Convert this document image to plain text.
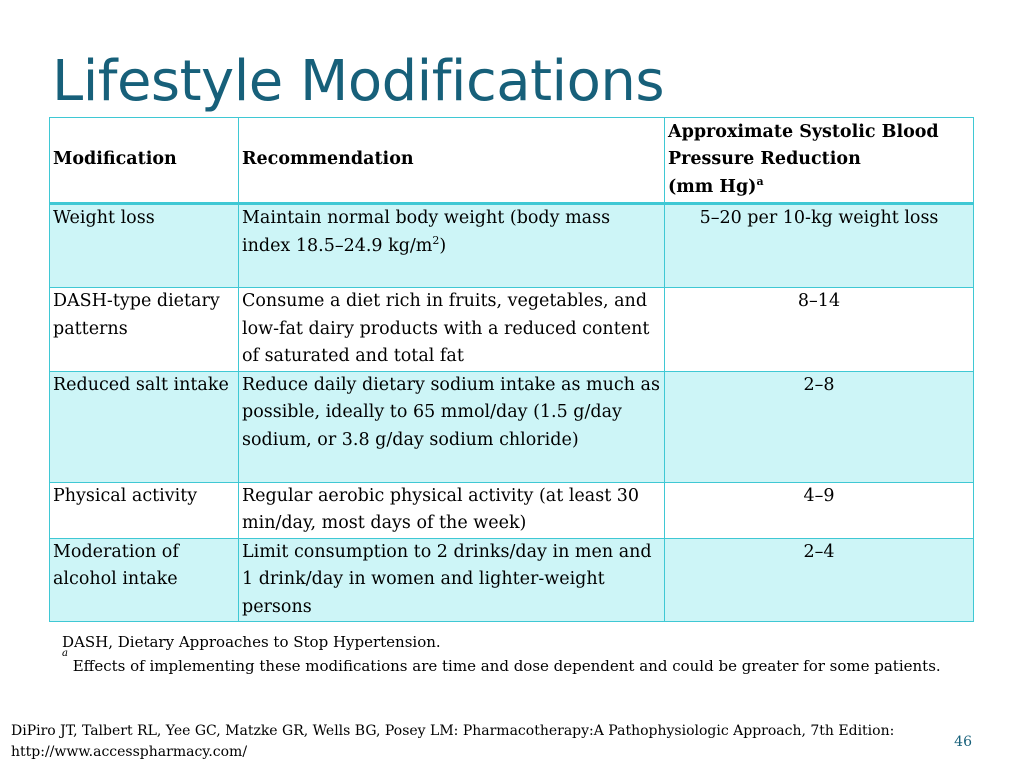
Lifestyle Modifications
Modification	Recommendation	Approximate Systolic Blood
Pressure Reduction
(mm Hg)$^a$
Weight loss	Maintain normal body weight (body mass index 18.5–24.9 $kg/m^2$)	5–20 per 10-kg weight loss
DASH-type dietary patterns	Consume a diet rich in fruits, vegetables, and low-fat dairy products with a reduced content of saturated and total fat	8–14
Reduced salt intake	Reduce daily dietary sodium intake as much as possible, ideally to 65 mmol/day (1.5 g/day sodium, or 3.8 g/day sodium chloride)	2–8
Physical activity	Regular aerobic physical activity (at least 30 min/day, most days of the week)	4–9
Moderation of alcohol intake	Limit consumption to 2 drinks/day in men and 1 drink/day in women and lighter-weight persons	2–4

DASH, Dietary Approaches to Stop Hypertension.

$^a$ Effects of implementing these modifications are time and dose dependent and could be greater for some patients.

DiPiro JT, Talbert RL, Yee GC, Matzke GR, Wells BG, Posey LM: Pharmacotherapy:A Pathophysiologic Approach, 7th Edition:

http://www.accesspharmacy.com/

46
